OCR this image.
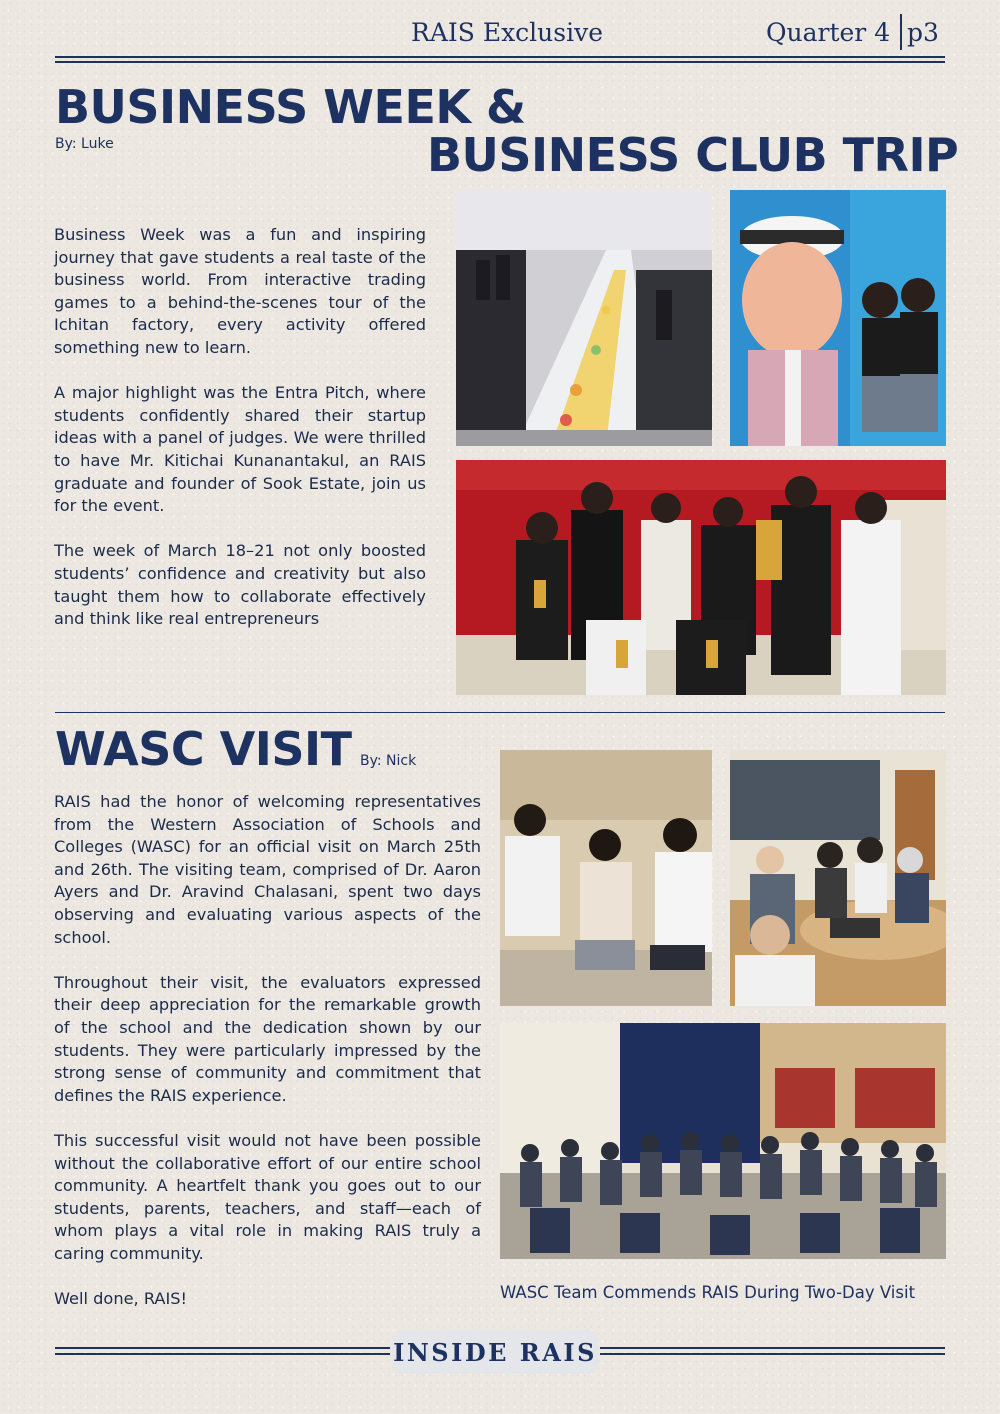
RAIS Exclusive	Quarter 4 p3
BUSINESS WEEK &
By: Luke	BUSINESS CLUB TRIP

Business Week was a fun and inspiring journey that gave students a real taste of the business world. From interactive trading games to a behind-the-scenes tour of the Ichitan factory, every activity offered something new to learn.

A major highlight was the Entra Pitch, where students confidently shared their startup ideas with a panel of judges. We were thrilled to have Mr. Kitichai Kunanantakul, an RAIS graduate and founder of Sook Estate, join us for the event.

The week of March 18–21 not only boosted students’ confidence and creativity but also taught them how to collaborate effectively and think like real entrepreneurs

WASC VISIT By: Nick

RAIS had the honor of welcoming representatives from the Western Association of Schools and Colleges (WASC) for an official visit on March 25th and 26th. The visiting team, comprised of Dr. Aaron Ayers and Dr. Aravind Chalasani, spent two days observing and evaluating various aspects of the school.

Throughout their visit, the evaluators expressed their deep appreciation for the remarkable growth of the school and the dedication shown by our students. They were particularly impressed by the strong sense of community and commitment that defines the RAIS experience.

This successful visit would not have been possible without the collaborative effort of our entire school community. A heartfelt thank you goes out to our students, parents, teachers, and staff—each of whom plays a vital role in making RAIS truly a caring community.

Well done, RAIS!	WASC Team Commends RAIS During Two-Day Visit
INSIDE RAIS
